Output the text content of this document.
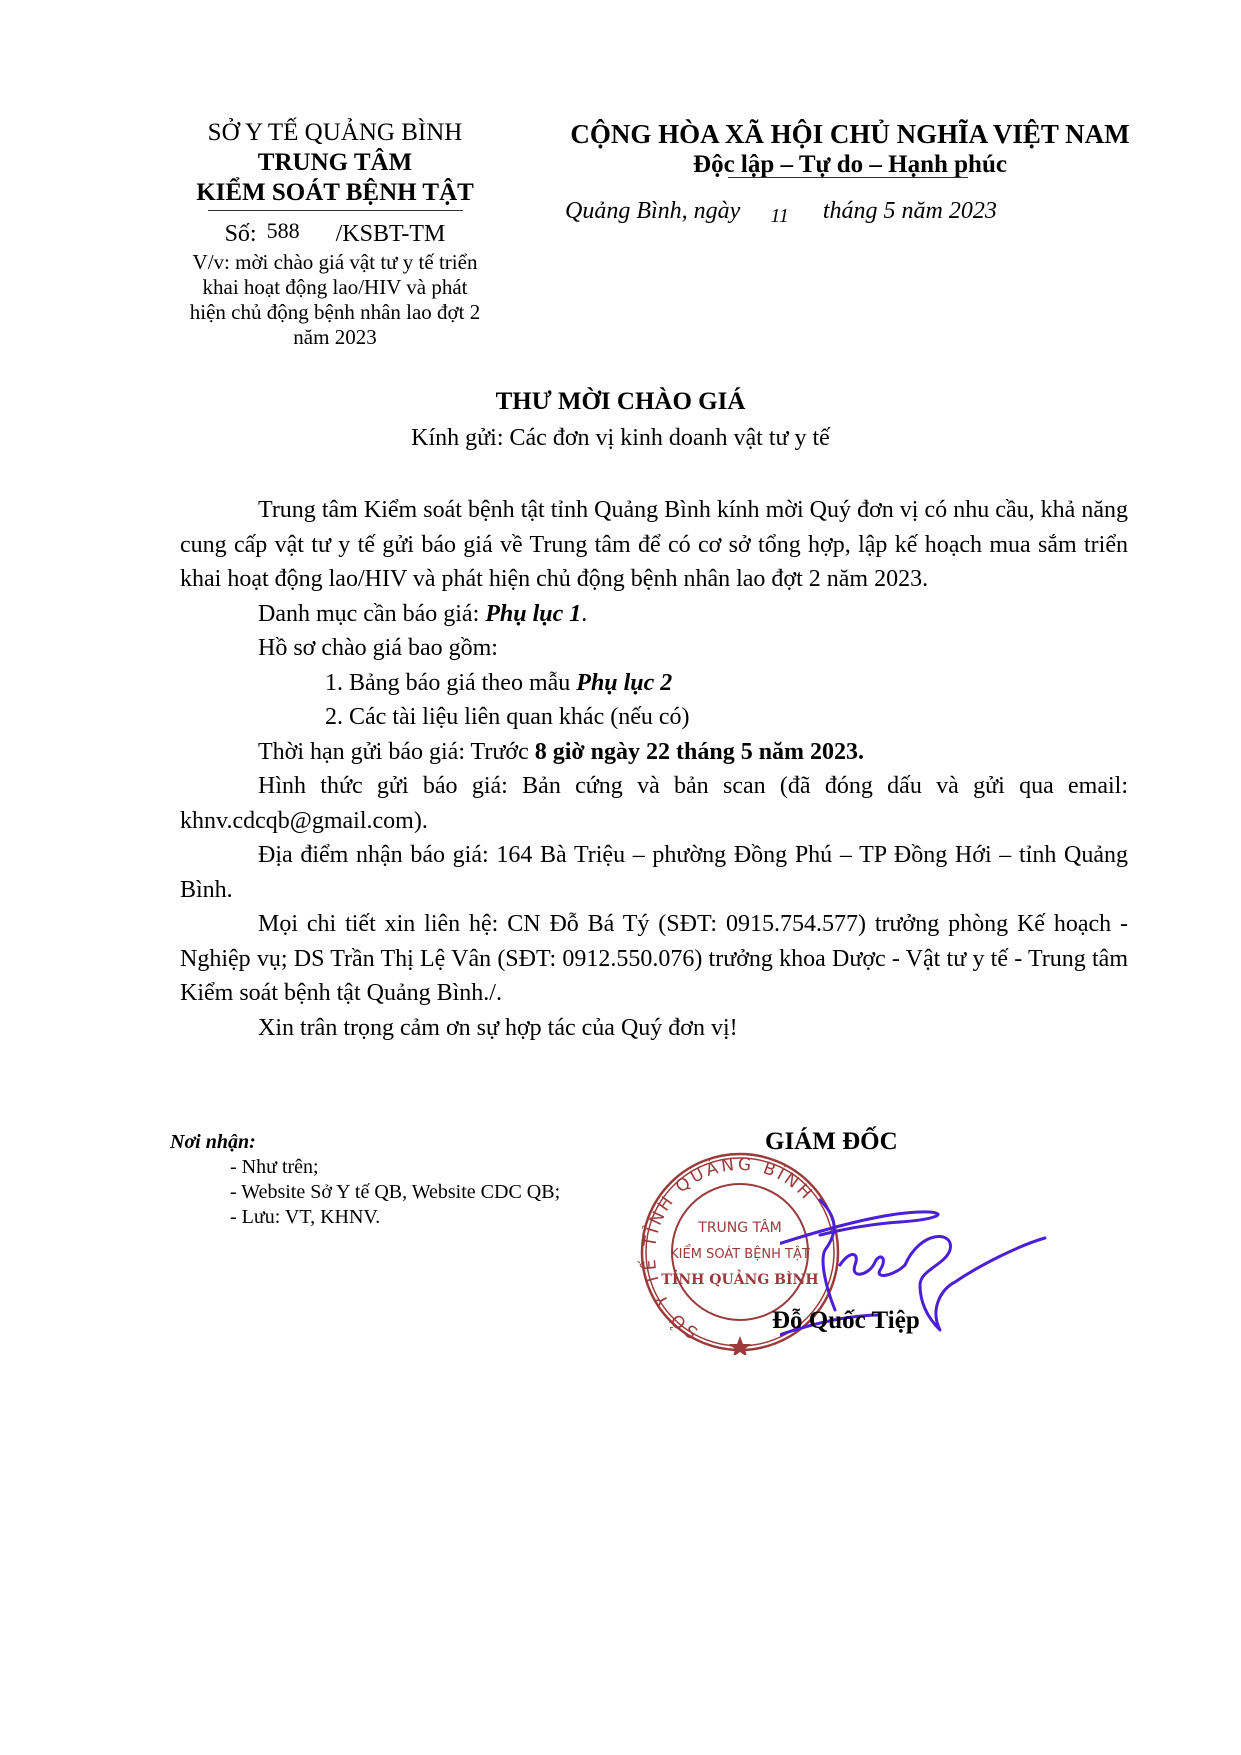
SỞ Y TẾ QUẢNG BÌNH
TRUNG TÂM
KIỂM SOÁT BỆNH TẬT
Số: 588 /KSBT-TM
V/v: mời chào giá vật tư y tế triển
khai hoạt động lao/HIV và phát
hiện chủ động bệnh nhân lao đợt 2
năm 2023
CỘNG HÒA XÃ HỘI CHỦ NGHĨA VIỆT NAM
Độc lập – Tự do – Hạnh phúc
Quảng Bình, ngày 11 tháng 5 năm 2023
THƯ MỜI CHÀO GIÁ
Kính gửi: Các đơn vị kinh doanh vật tư y tế

Trung tâm Kiểm soát bệnh tật tỉnh Quảng Bình kính mời Quý đơn vị có nhu cầu, khả năng cung cấp vật tư y tế gửi báo giá về Trung tâm để có cơ sở tổng hợp, lập kế hoạch mua sắm triển khai hoạt động lao/HIV và phát hiện chủ động bệnh nhân lao đợt 2 năm 2023.

Danh mục cần báo giá: Phụ lục 1.

Hồ sơ chào giá bao gồm:

1. Bảng báo giá theo mẫu Phụ lục 2

2. Các tài liệu liên quan khác (nếu có)

Thời hạn gửi báo giá: Trước 8 giờ ngày 22 tháng 5 năm 2023.

Hình thức gửi báo giá: Bản cứng và bản scan (đã đóng dấu và gửi qua email: khnv.cdcqb@gmail.com).

Địa điểm nhận báo giá: 164 Bà Triệu – phường Đồng Phú – TP Đồng Hới – tỉnh Quảng Bình.

Mọi chi tiết xin liên hệ: CN Đỗ Bá Tý (SĐT: 0915.754.577) trưởng phòng Kế hoạch - Nghiệp vụ; DS Trần Thị Lệ Vân (SĐT: 0912.550.076) trưởng khoa Dược - Vật tư y tế - Trung tâm Kiểm soát bệnh tật Quảng Bình./.

Xin trân trọng cảm ơn sự hợp tác của Quý đơn vị!

Nơi nhận:
- Như trên;
- Website Sở Y tế QB, Website CDC QB;
- Lưu: VT, KHNV.
SỞ Y TẾ TỈNH QUẢNG BÌNH
TRUNG TÂM
KIỂM SOÁT BỆNH TẬT
TỈNH QUẢNG BÌNH
GIÁM ĐỐC
Đỗ Quốc Tiệp
